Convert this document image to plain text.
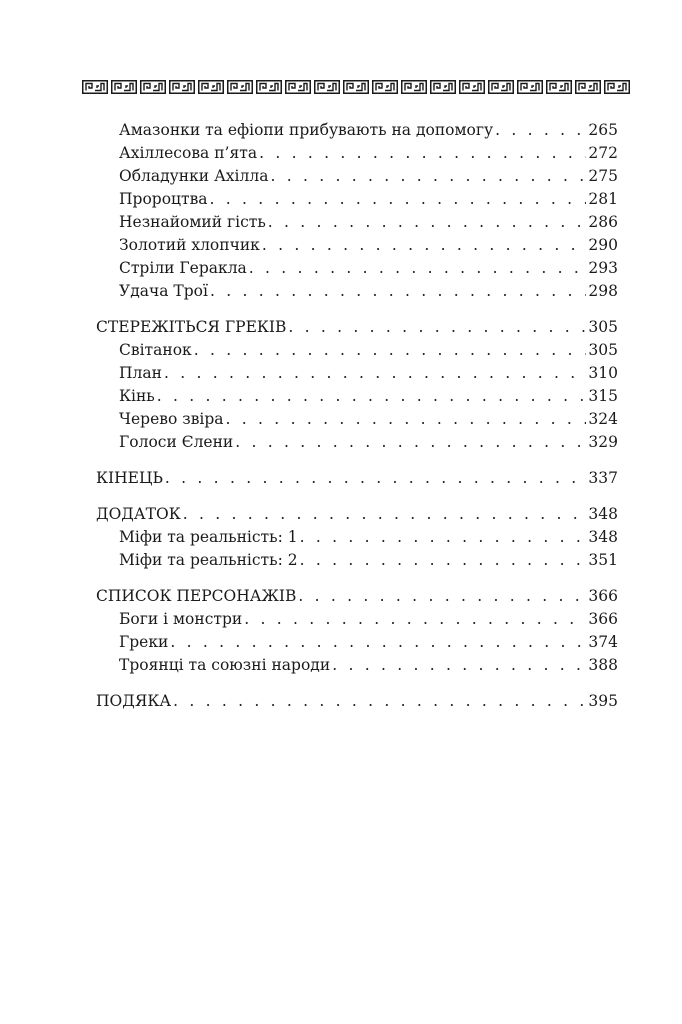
Амазонки та ефіопи прибувають на допомогу . . .	265
Ахіллесова п’ята . . .	272
Обладунки Ахілла . . .	275
Пророцтва . . .	281
Незнайомий гість . . .	286
Золотий хлопчик . . .	290
Стріли Геракла . . .	293
Удача Трої . . .	298
СТЕРЕЖІТЬСЯ ГРЕКІВ . . .	305
Світанок . . .	305
План . . .	310
Кінь . . .	315
Черево звіра . . .	324
Голоси Єлени . . .	329
КІНЕЦЬ . . .	337
ДОДАТОК . . .	348
Міфи та реальність: 1 . . .	348
Міфи та реальність: 2 . . .	351
СПИСОК ПЕРСОНАЖІВ . . .	366
Боги і монстри . . .	366
Греки . . .	374
Троянці та союзні народи . . .	388
ПОДЯКА . . .	395
